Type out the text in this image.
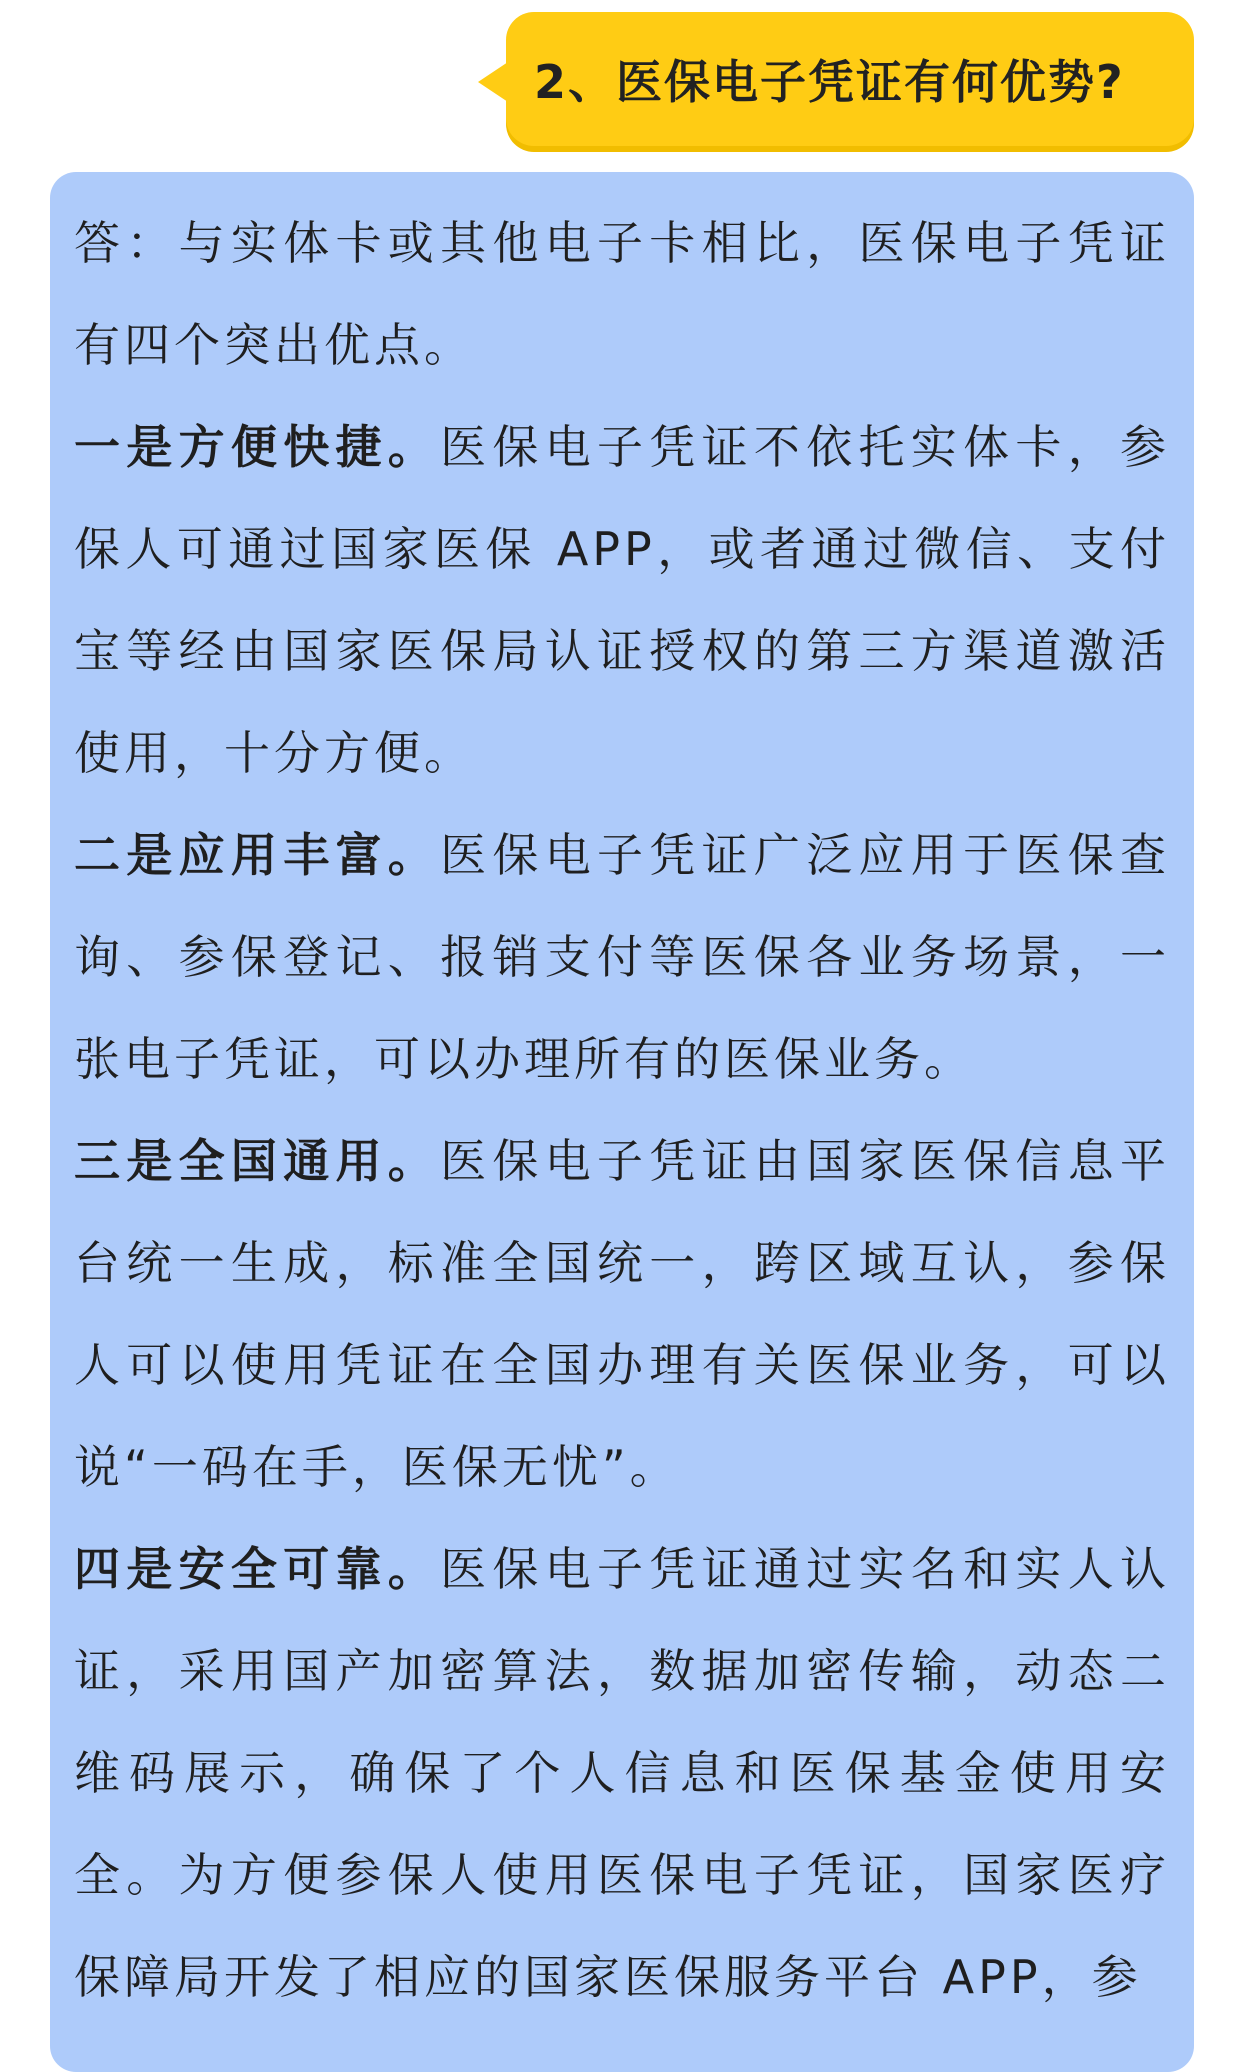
2、医保电子凭证有何优势?

答：与实体卡或其他电子卡相比，医保电子凭证有四个突出优点。

一是方便快捷。医保电子凭证不依托实体卡，参保人可通过国家医保 APP，或者通过微信、支付宝等经由国家医保局认证授权的第三方渠道激活使用，十分方便。

二是应用丰富。医保电子凭证广泛应用于医保查询、参保登记、报销支付等医保各业务场景，一张电子凭证，可以办理所有的医保业务。

三是全国通用。医保电子凭证由国家医保信息平台统一生成，标准全国统一，跨区域互认，参保人可以使用凭证在全国办理有关医保业务，可以说“一码在手，医保无忧”。

四是安全可靠。医保电子凭证通过实名和实人认证，采用国产加密算法，数据加密传输，动态二维码展示，确保了个人信息和医保基金使用安全。为方便参保人使用医保电子凭证，国家医疗保障局开发了相应的国家医保服务平台 APP，参
